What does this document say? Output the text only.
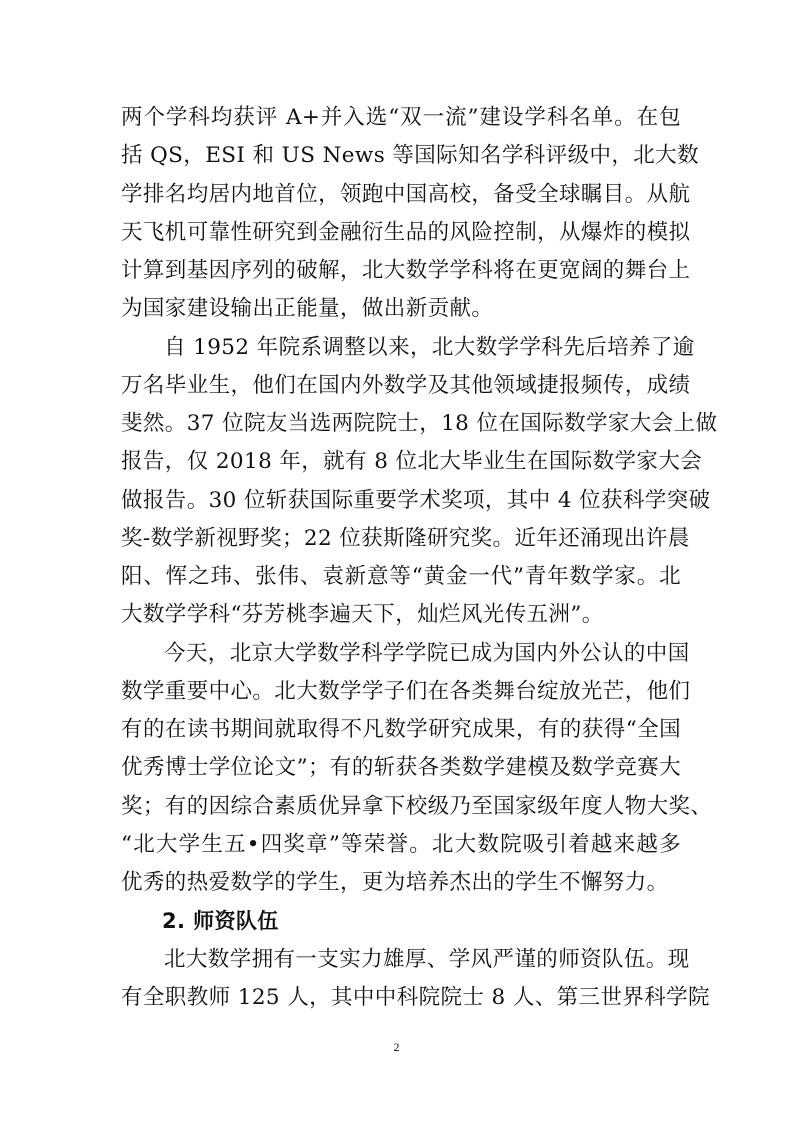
两个学科均获评 A+并入选“双一流”建设学科名单。在包
括 QS，ESI 和 US News 等国际知名学科评级中，北大数
学排名均居内地首位，领跑中国高校，备受全球瞩目。从航
天飞机可靠性研究到金融衍生品的风险控制，从爆炸的模拟
计算到基因序列的破解，北大数学学科将在更宽阔的舞台上
为国家建设输出正能量，做出新贡献。
自 1952 年院系调整以来，北大数学学科先后培养了逾
万名毕业生，他们在国内外数学及其他领域捷报频传，成绩
斐然。37 位院友当选两院院士，18 位在国际数学家大会上做
报告，仅 2018 年，就有 8 位北大毕业生在国际数学家大会
做报告。30 位斩获国际重要学术奖项，其中 4 位获科学突破
奖-数学新视野奖；22 位获斯隆研究奖。近年还涌现出许晨
阳、恽之玮、张伟、袁新意等“黄金一代”青年数学家。北
大数学学科“芬芳桃李遍天下，灿烂风光传五洲”。
今天，北京大学数学科学学院已成为国内外公认的中国
数学重要中心。北大数学学子们在各类舞台绽放光芒，他们
有的在读书期间就取得不凡数学研究成果，有的获得“全国
优秀博士学位论文”；有的斩获各类数学建模及数学竞赛大
奖；有的因综合素质优异拿下校级乃至国家级年度人物大奖、
“北大学生五•四奖章”等荣誉。北大数院吸引着越来越多
优秀的热爱数学的学生，更为培养杰出的学生不懈努力。
2. 师资队伍
北大数学拥有一支实力雄厚、学风严谨的师资队伍。现
有全职教师 125 人，其中中科院院士 8 人、第三世界科学院
2
